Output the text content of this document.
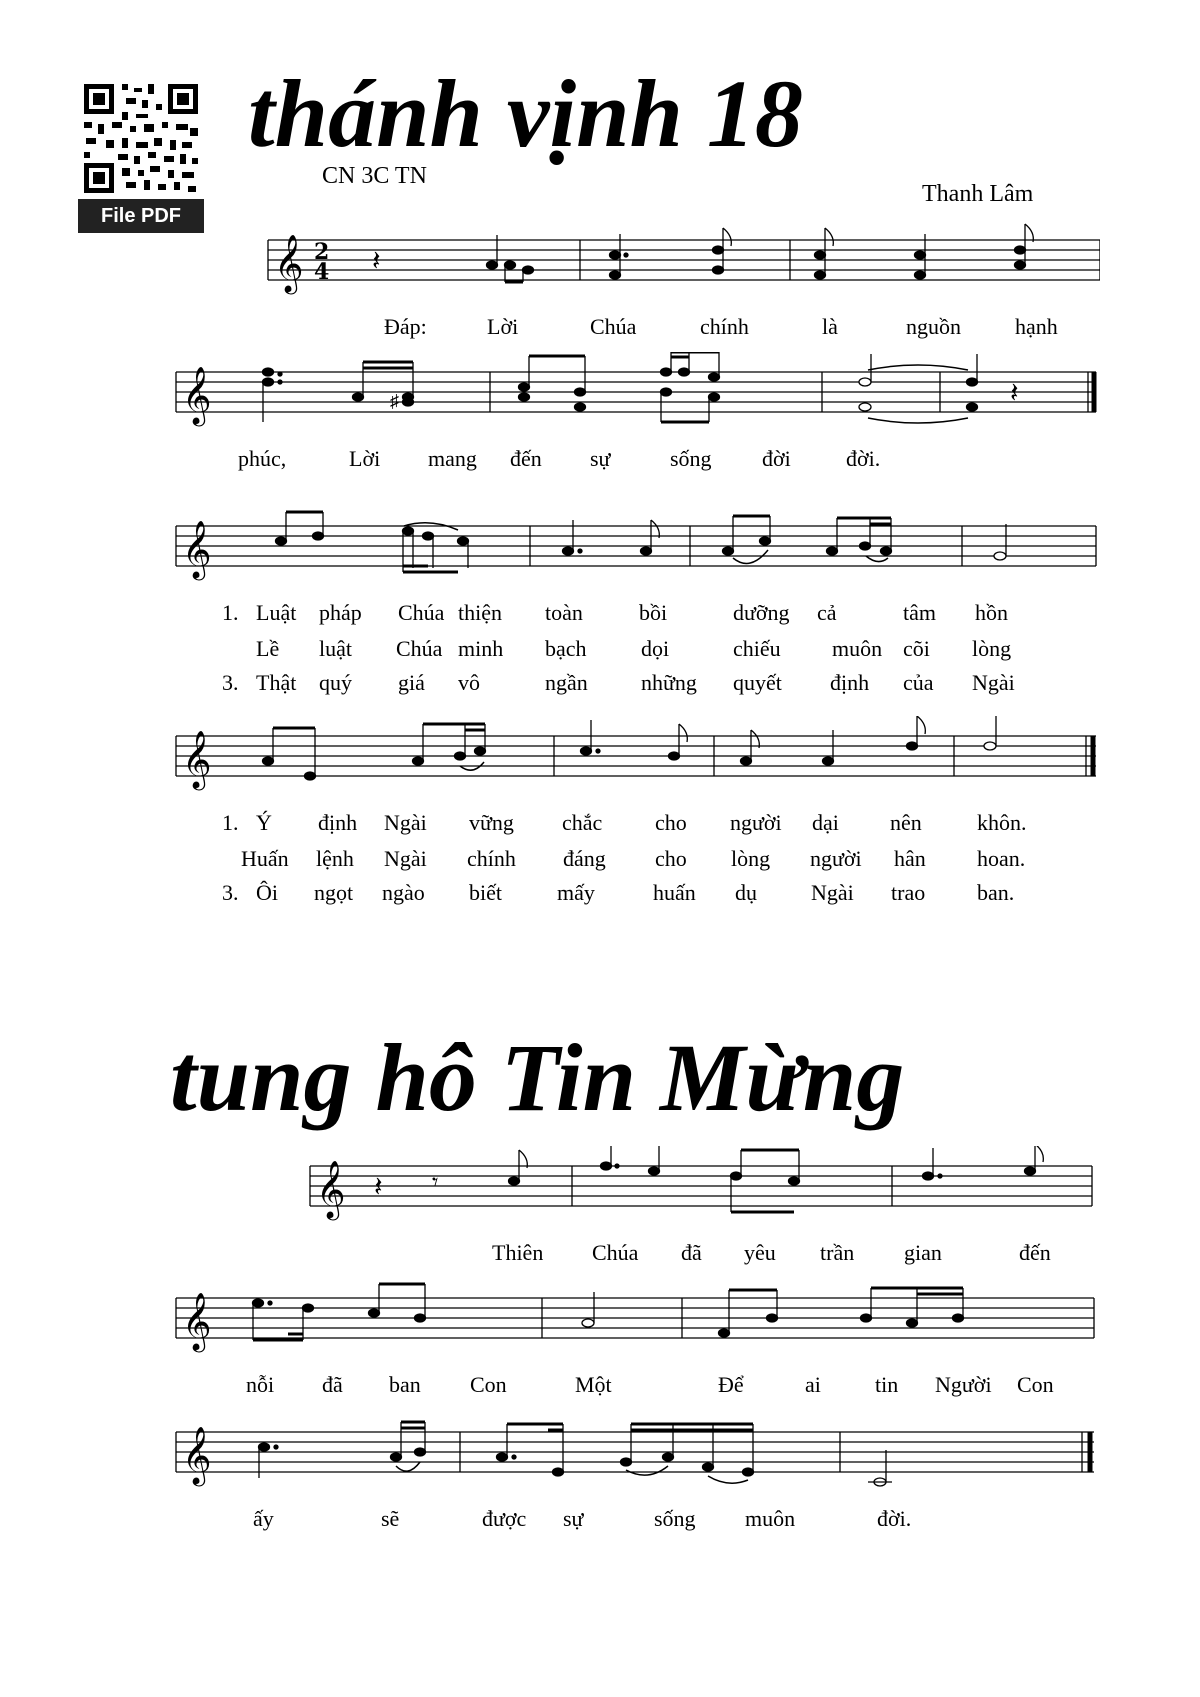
File PDF
thánh vịnh 18
CN 3C TN
Thanh Lâm
𝄞 2
4 𝄽
Đáp:	Lời	Chúa	chính	là	nguồn hạnh
𝄞	♯	𝄽
phúc,	Lời mang đến sự	sống đời	đời.
𝄞
1. Luật pháp Chúa thiện toàn	bồi	dưỡng cả	tâm hồn
Lề luật Chúa minh bạch dọi	chiếu muôn cõi lòng
3. Thật quý giá vô	ngần những quyết định của Ngài
𝄞
1. Ý định Ngài vững chắc cho người dại nên	khôn.
Huấn lệnh Ngài chính đáng cho lòng người hân hoan.
3. Ôi ngọt ngào biết	mấy	huấn dụ Ngài trao ban.
tung hô Tin Mừng
𝄞 𝄽 𝄾
Thiên Chúa đã yêu trần gian	đến
𝄞
nỗi đã ban Con	Một	Để	ai tin Người Con
𝄞
ấy	sẽ	được sự	sống muôn	đời.
